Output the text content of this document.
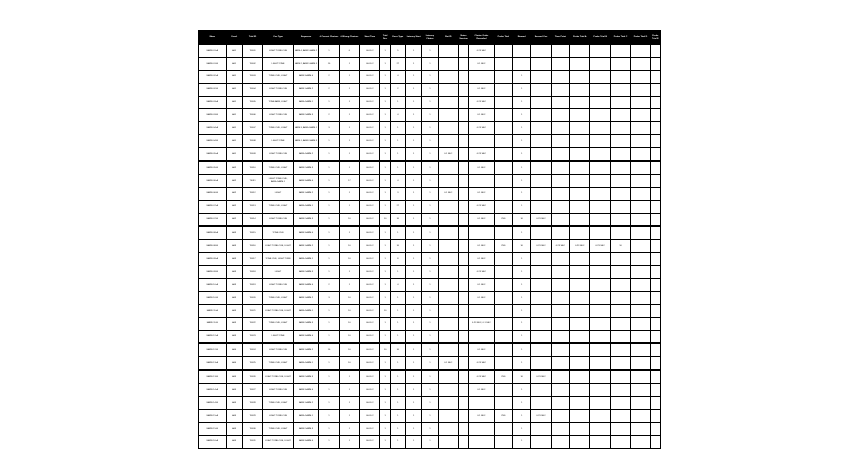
Maze	Cond.	Trial ID	Cue Type	Sequence	# Correct Choices	# Wrong Choices	Start Time	Trial Dur.	Error Type	Latency Start	Latency Choice	Rat ID	Notes Session	Choice Order Recorded	Probe Trial	Reward	Second Cue	Time Point	Probe Trial A	Probe Trial B	Probe Trial C	Probe Trial D	Probe Trial E
MAZE.01-A	A01	T0001	LIGHT.TONE.CUE	ARM.4, ARM.1.ARM.2	1	0	00:01:2	1	5	1	1			0.23 SEC									
MAZE.01-B	A01	T0002	LIGHT.TONE	ARM.2, ARM.1.ARM.3	10	1	00:01:2	1	27	1	1			0.1 SEC									
MAZE.02-A	A01	T0003	TONE.CUE, LIGHT	ARM.3.ARM.4	2	1	00:01:2	1	4	1	1					1							
MAZE.02-B	A01	T0004	LIGHT.TONE.CUE	ARM.1.ARM.2	2	1	00:01:2	1	2	1	1			0.1 SEC		1							
MAZE.03-A	A01	T0005	TONE.ARM, LIGHT	ARM.4.ARM.1	1	1	00:01:2	1	1	1	1			0.23 SEC		1							
MAZE.03-B	A01	T0006	LIGHT.TONE.CUE	ARM.2.ARM.3	2	1	00:01:2	1	4	1	1			0.1 SEC		1							
MAZE.04-A	A01	T0007	TONE.CUE, LIGHT	ARM.3, ARM.4.ARM.1	3	1	00:01:2	1	1	1	1			0.23 SEC		1							
MAZE.04-B	A01	T0008	LIGHT.TONE	ARM.1, ARM.2.ARM.3	1	1	00:01:2	1	1	1	1					1							
MAZE.05-A	A01	T0009	LIGHT.TONE.CUE	ARM.4.ARM.2	1	1	00:01:2	1	1	1	1	0.1 SEC		0.23 SEC		1							
MAZE.05-B	A02	T0010	TONE.CUE, LIGHT	ARM.2.ARM.3	1	1	00:01:2	1	1	1	1			0.1 SEC		1							
MAZE.06-A	A02	T0011	LIGHT.TONE.CUE, ARM.4.ARM.1	ARM.3.ARM.4	1	17	00:01:2	1	4	1	1					1							
MAZE.06-B	A02	T0012	LIGHT	ARM.1.ARM.2	1	1	00:01:2	1	3	1	1	0.1 SEC		0.1 SEC		1							
MAZE.07-A	A02	T0013	TONE.CUE, LIGHT	ARM.4.ARM.1	1	1	00:01:2	1	27	1	1			0.23 SEC		1							
MAZE.07-B	A02	T0014	LIGHT.TONE.CUE	ARM.2.ARM.3	1	10	00:01:2	10	10	1	1			0.1 SEC	YES	10	0.23 SEC						
MAZE.08-A	A03	T0015	TONE.CUE	ARM.3.ARM.4	1	1	00:01:2	1	1	1	1					1							
MAZE.08-B	A03	T0016	LIGHT.TONE.CUE, LIGHT	ARM.1.ARM.2	1	10	00:01:2	1	10	1	1			0.1 SEC	YES	10	0.23 SEC	0.23 SEC	0.23 SEC	0.23 SEC	10		
MAZE.09-A	A03	T0017	TONE.CUE, LIGHT.TONE	ARM.4.ARM.1	1	10	00:01:2	1	8	1	1			0.1 SEC		1							
MAZE.09-B	A03	T0018	LIGHT	ARM.2.ARM.3	1	1	00:01:2	1	1	1	1			0.23 SEC		1							
MAZE.10-A	A03	T0019	LIGHT.TONE.CUE	ARM.3.ARM.4	2	1	00:01:2	1	4	1	1			0.1 SEC		1							
MAZE.10-B	A03	T0020	TONE.CUE, LIGHT	ARM.1.ARM.2	3	10	00:01:2	1	1	1	1			0.1 SEC		1							
MAZE.11-A	A03	T0021	LIGHT.TONE.CUE, LIGHT	ARM.4.ARM.1	1	10	00:01:2	10	1	1	1					1							
MAZE.11-B	A03	T0022	TONE.CUE, LIGHT	ARM.2.ARM.3	1	10	00:01:2	1	1	1	1			0.23 SEC, 0.1 SEC		1							
MAZE.12-A	A03	T0023	LIGHT.TONE	ARM.3.ARM.4	1	10	00:01:2	1	1	1	1					1							
MAZE.12-B	A04	T0024	LIGHT.TONE.CUE	ARM.1.ARM.2	10	10	00:01:2	10	10	1	1			0.1 SEC		1							
MAZE.13-A	A04	T0025	TONE.CUE, LIGHT	ARM.4.ARM.1	1	10	00:01:2	1	1	1	1	0.1 SEC		0.23 SEC		1							
MAZE.13-B	A05	T0026	LIGHT.TONE.CUE, LIGHT	ARM.2.ARM.3	1	1	00:01:2	1	1	1	1			0.23 SEC	YES	10	0.23 SEC						
MAZE.14-A	A05	T0027	LIGHT.TONE.CUE	ARM.3.ARM.4	1	1	00:01:2	1	1	1	1			0.1 SEC		1							
MAZE.14-B	A05	T0028	TONE.CUE, LIGHT	ARM.1.ARM.2	1	1	00:01:2	1	1	1	1					1							
MAZE.15-A	A05	T0029	LIGHT.TONE.CUE	ARM.4.ARM.1	1	1	00:01:2	1	1	1	1			0.1 SEC	YES	1	0.23 SEC						
MAZE.15-B	A05	T0030	TONE.CUE, LIGHT	ARM.2.ARM.3	1	1	00:01:2	1	1	1	1					1							
MAZE.16-A	A05	T0031	LIGHT.TONE.CUE, LIGHT	ARM.3.ARM.4	1	1	00:01:2	1	1	1	1					1							
